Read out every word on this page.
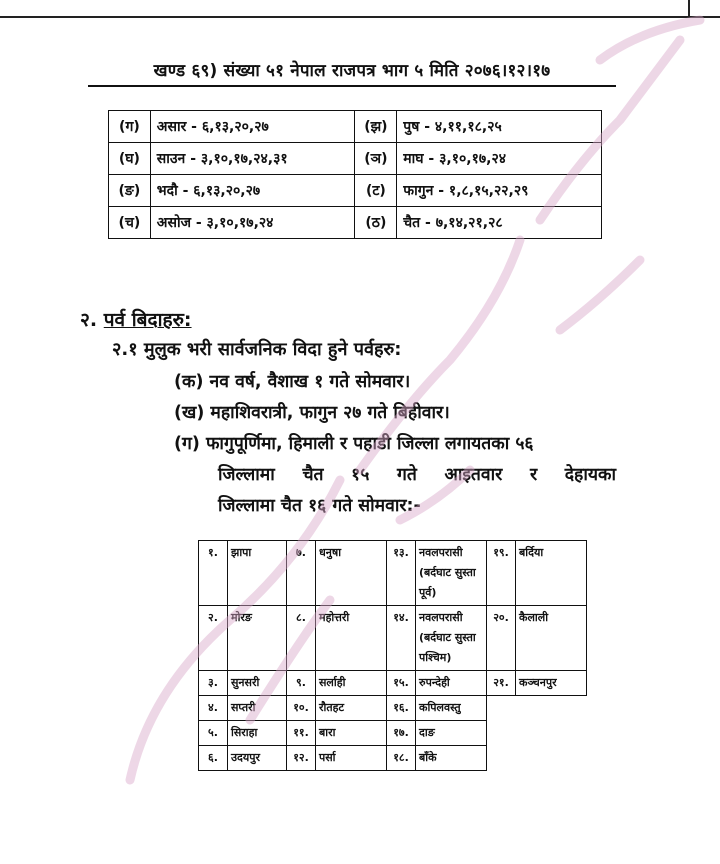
खण्ड ६९) संख्या ५१ नेपाल राजपत्र भाग ५ मिति २०७६।१२।१७
(ग)	असार - ६,१३,२०,२७	(झ)	पुष - ४,११,१८,२५
(घ)	साउन - ३,१०,१७,२४,३१	(ञ)	माघ - ३,१०,१७,२४
(ङ)	भदौ - ६,१३,२०,२७	(ट)	फागुन - १,८,१५,२२,२९
(च)	असोज - ३,१०,१७,२४	(ठ)	चैत - ७,१४,२१,२८
२. पर्व बिदाहरु:
२.१ मुलुक भरी सार्वजनिक विदा हुने पर्वहरु:
(क) नव वर्ष, वैशाख १ गते सोमवार।
(ख) महाशिवरात्री, फागुन २७ गते बिहीवार।
(ग) फागुपूर्णिमा, हिमाली र पहाडी जिल्ला लगायतका ५६
जिल्लामा चैत १५ गते आइतवार र देहायका
जिल्लामा चैत १६ गते सोमवार:-
१.	झापा	७.	धनुषा	१३.	नवलपरासी (बर्दघाट सुस्ता पूर्व)	१९.	बर्दिया
२.	मोरङ	८.	महोत्तरी	१४.	नवलपरासी (बर्दघाट सुस्ता पश्चिम)	२०.	कैलाली
३.	सुनसरी	९.	सर्लाही	१५.	रुपन्देही	२१.	कञ्चनपुर
४.	सप्तरी	१०.	रौतहट	१६.	कपिलवस्तु		
५.	सिराहा	११.	बारा	१७.	दाङ		
६.	उदयपुर	१२.	पर्सा	१८.	बाँके		
